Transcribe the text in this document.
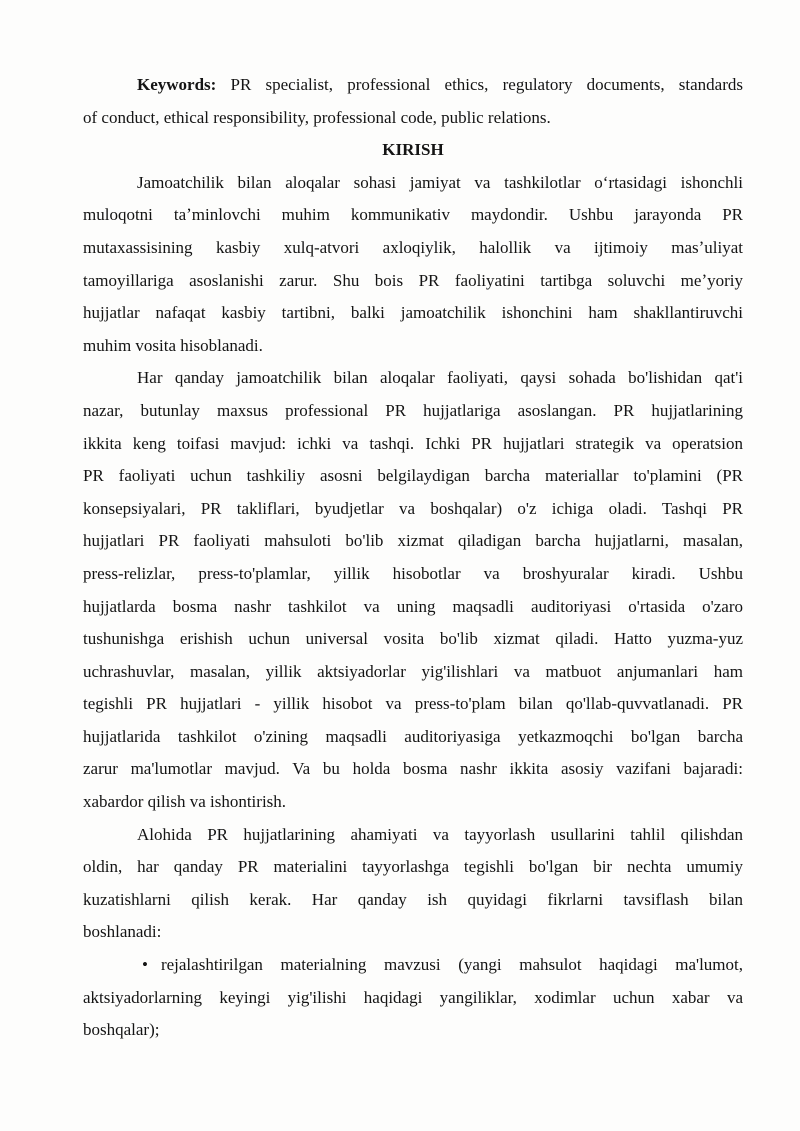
Keywords: PR specialist, professional ethics, regulatory documents, standards
of conduct, ethical responsibility, professional code, public relations.
KIRISH
Jamoatchilik bilan aloqalar sohasi jamiyat va tashkilotlar oʻrtasidagi ishonchli
muloqotni taʼminlovchi muhim kommunikativ maydondir. Ushbu jarayonda PR
mutaxassisining kasbiy xulq-atvori axloqiylik, halollik va ijtimoiy masʼuliyat
tamoyillariga asoslanishi zarur. Shu bois PR faoliyatini tartibga soluvchi meʼyoriy
hujjatlar nafaqat kasbiy tartibni, balki jamoatchilik ishonchini ham shakllantiruvchi
muhim vosita hisoblanadi.
Har qanday jamoatchilik bilan aloqalar faoliyati, qaysi sohada bo'lishidan qat'i
nazar, butunlay maxsus professional PR hujjatlariga asoslangan. PR hujjatlarining
ikkita keng toifasi mavjud: ichki va tashqi. Ichki PR hujjatlari strategik va operatsion
PR faoliyati uchun tashkiliy asosni belgilaydigan barcha materiallar to'plamini (PR
konsepsiyalari, PR takliflari, byudjetlar va boshqalar) o'z ichiga oladi. Tashqi PR
hujjatlari PR faoliyati mahsuloti bo'lib xizmat qiladigan barcha hujjatlarni, masalan,
press-relizlar, press-to'plamlar, yillik hisobotlar va broshyuralar kiradi. Ushbu
hujjatlarda bosma nashr tashkilot va uning maqsadli auditoriyasi o'rtasida o'zaro
tushunishga erishish uchun universal vosita bo'lib xizmat qiladi. Hatto yuzma-yuz
uchrashuvlar, masalan, yillik aktsiyadorlar yig'ilishlari va matbuot anjumanlari ham
tegishli PR hujjatlari - yillik hisobot va press-to'plam bilan qo'llab-quvvatlanadi. PR
hujjatlarida tashkilot o'zining maqsadli auditoriyasiga yetkazmoqchi bo'lgan barcha
zarur ma'lumotlar mavjud. Va bu holda bosma nashr ikkita asosiy vazifani bajaradi:
xabardor qilish va ishontirish.
Alohida PR hujjatlarining ahamiyati va tayyorlash usullarini tahlil qilishdan
oldin, har qanday PR materialini tayyorlashga tegishli bo'lgan bir nechta umumiy
kuzatishlarni qilish kerak. Har qanday ish quyidagi fikrlarni tavsiflash bilan
boshlanadi:
• rejalashtirilgan materialning mavzusi (yangi mahsulot haqidagi ma'lumot,
aktsiyadorlarning keyingi yig'ilishi haqidagi yangiliklar, xodimlar uchun xabar va
boshqalar);
